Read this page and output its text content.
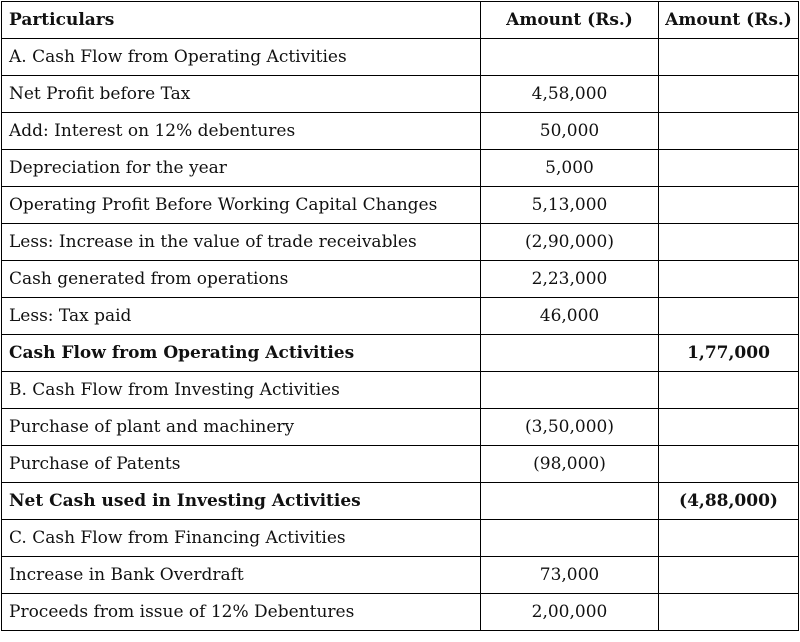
Particulars	Amount (Rs.)	Amount (Rs.)
A. Cash Flow from Operating Activities		
Net Profit before Tax	4,58,000	
Add: Interest on 12% debentures	50,000	
Depreciation for the year	5,000	
Operating Profit Before Working Capital Changes	5,13,000	
Less: Increase in the value of trade receivables	(2,90,000)	
Cash generated from operations	2,23,000	
Less: Tax paid	46,000	
Cash Flow from Operating Activities		1,77,000
B. Cash Flow from Investing Activities		
Purchase of plant and machinery	(3,50,000)	
Purchase of Patents	(98,000)	
Net Cash used in Investing Activities		(4,88,000)
C. Cash Flow from Financing Activities		
Increase in Bank Overdraft	73,000	
Proceeds from issue of 12% Debentures	2,00,000	
